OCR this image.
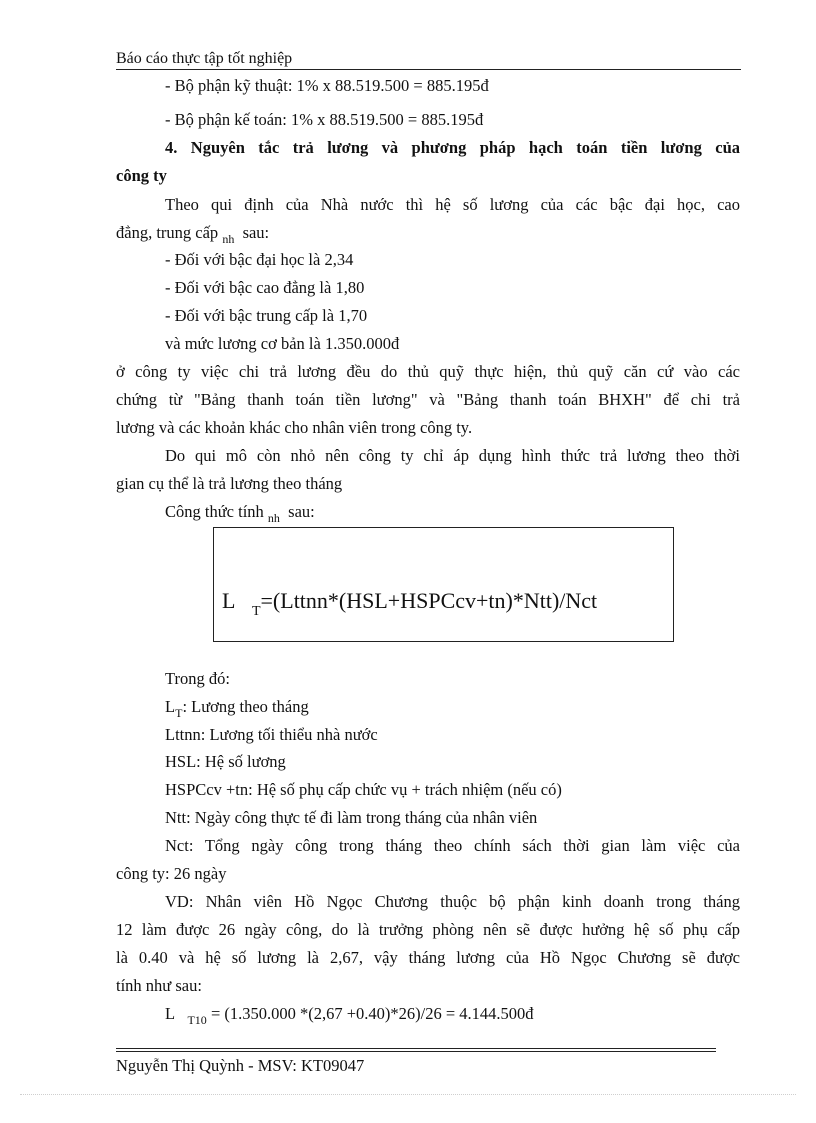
Báo cáo thực tập tốt nghiệp
- Bộ phận kỹ thuật: 1% x 88.519.500 = 885.195đ
- Bộ phận kế toán: 1% x 88.519.500 = 885.195đ
4. Nguyên tắc trả lương và phương pháp hạch toán tiền lương của
công ty
Theo qui định của Nhà nước thì hệ số lương của các bậc đại học, cao
đẳng, trung cấp $_{nh}$ sau:
- Đối với bậc đại học là 2,34
- Đối với bậc cao đẳng là 1,80
- Đối với bậc trung cấp là 1,70
và mức lương cơ bản là 1.350.000đ
ở công ty việc chi trả lương đều do thủ quỹ thực hiện, thủ quỹ căn cứ vào các
chứng từ "Bảng thanh toán tiền lương" và "Bảng thanh toán BHXH" để chi trả
lương và các khoản khác cho nhân viên trong công ty.
Do qui mô còn nhỏ nên công ty chỉ áp dụng hình thức trả lương theo thời
gian cụ thể là trả lương theo tháng
Công thức tính $_{nh}$ sau:
L $_T$=(Lttnn*(HSL+HSPCcv+tn)*Ntt)/Nct
Trong đó:
$L_T$: Lương theo tháng
Lttnn: Lương tối thiểu nhà nước
HSL: Hệ số lương
HSPCcv +tn: Hệ số phụ cấp chức vụ + trách nhiệm (nếu có)
Ntt: Ngày công thực tế đi làm trong tháng của nhân viên
Nct: Tổng ngày công trong tháng theo chính sách thời gian làm việc của
công ty: 26 ngày
VD: Nhân viên Hồ Ngọc Chương thuộc bộ phận kinh doanh trong tháng
12 làm được 26 ngày công, do là trưởng phòng nên sẽ được hưởng hệ số phụ cấp
là 0.40 và hệ số lương là 2,67, vậy tháng lương của Hồ Ngọc Chương sẽ được
tính như sau:
L $_{T10}$ = (1.350.000 *(2,67 +0.40)*26)/26 = 4.144.500đ
Nguyễn Thị Quỳnh - MSV: KT09047
